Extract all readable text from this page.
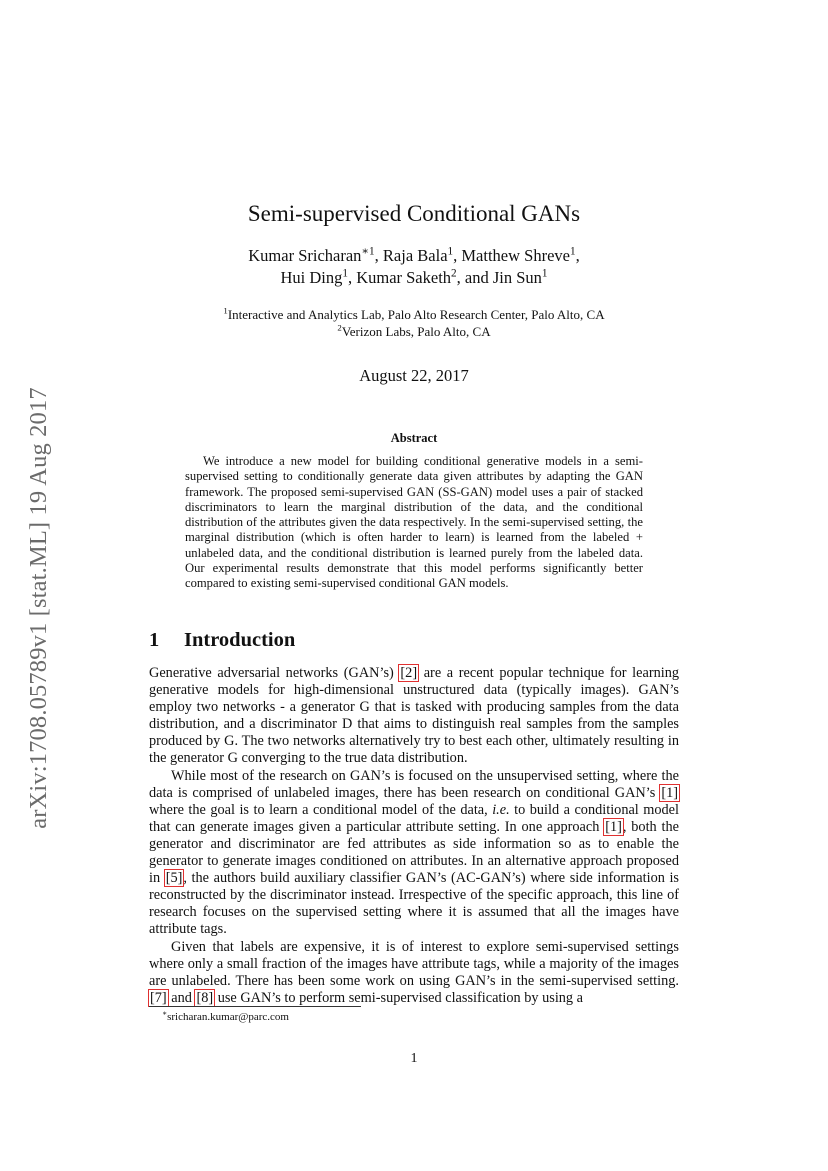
arXiv:1708.05789v1 [stat.ML] 19 Aug 2017
Semi-supervised Conditional GANs
Kumar Sricharan$^{∗1}$, Raja Bala$^1$, Matthew Shreve$^1$,
Hui Ding$^1$, Kumar Saketh$^2$, and Jin Sun$^1$
$^1$Interactive and Analytics Lab, Palo Alto Research Center, Palo Alto, CA
$^2$Verizon Labs, Palo Alto, CA
August 22, 2017
Abstract

We introduce a new model for building conditional generative models in a semi-supervised setting to conditionally generate data given attributes by adapting the GAN framework. The proposed semi-supervised GAN (SS-GAN) model uses a pair of stacked discriminators to learn the marginal distribution of the data, and the conditional distribution of the attributes given the data respectively. In the semi-supervised setting, the marginal distribution (which is often harder to learn) is learned from the labeled + unlabeled data, and the conditional distribution is learned purely from the labeled data. Our experimental results demonstrate that this model performs significantly better compared to existing semi-supervised conditional GAN models.

1 Introduction

Generative adversarial networks (GAN’s) [2] are a recent popular technique for learning generative models for high-dimensional unstructured data (typically images). GAN’s employ two networks - a generator G that is tasked with producing samples from the data distribution, and a discriminator D that aims to distinguish real samples from the samples produced by G. The two networks alternatively try to best each other, ultimately resulting in the generator G converging to the true data distribution.

While most of the research on GAN’s is focused on the unsupervised setting, where the data is comprised of unlabeled images, there has been research on conditional GAN’s [1] where the goal is to learn a conditional model of the data, i.e. to build a conditional model that can generate images given a particular attribute setting. In one approach [1], both the generator and discriminator are fed attributes as side information so as to enable the generator to generate images conditioned on attributes. In an alternative approach proposed in [5], the authors build auxiliary classifier GAN’s (AC-GAN’s) where side information is reconstructed by the discriminator instead. Irrespective of the specific approach, this line of research focuses on the supervised setting where it is assumed that all the images have attribute tags.

Given that labels are expensive, it is of interest to explore semi-supervised settings where only a small fraction of the images have attribute tags, while a majority of the images are unlabeled. There has been some work on using GAN’s in the semi-supervised setting. [7] and [8] use GAN’s to perform semi-supervised classification by using a

∗sricharan.kumar@parc.com
1
